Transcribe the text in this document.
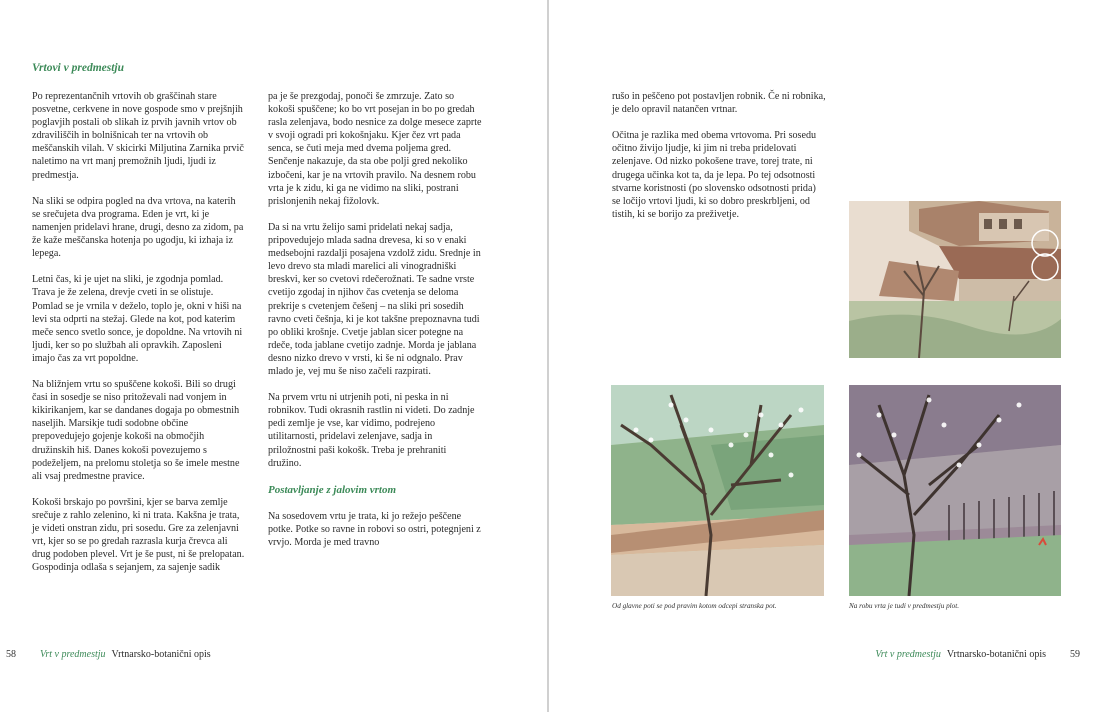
Vrtovi v predmestju

Po reprezentančnih vrtovih ob graščinah stare posvetne, cerkvene in nove gospode smo v prejšnjih poglavjih postali ob slikah iz prvih javnih vrtov ob zdraviliščih in bolnišnicah ter na vrtovih ob meščanskih vilah. V skicirki Miljutina Zarnika prvič naletimo na vrt manj premožnih ljudi, ljudi iz predmestja.

Na sliki se odpira pogled na dva vrtova, na katerih se srečujeta dva programa. Eden je vrt, ki je namenjen pridelavi hrane, drugi, desno za zidom, pa že kaže meščanska hotenja po ugodju, ki izhaja iz lepega.

Letni čas, ki je ujet na sliki, je zgodnja pomlad. Trava je že zelena, drevje cveti in se olistuje. Pomlad se je vrnila v deželo, toplo je, okni v hiši na levi sta odprti na stežaj. Glede na kot, pod katerim meče senco svetlo sonce, je dopoldne. Na vrtovih ni ljudi, ker so po službah ali opravkih. Zaposleni imajo čas za vrt popoldne.

Na bližnjem vrtu so spuščene kokoši. Bili so drugi časi in sosedje se niso pritoževali nad vonjem in kikirikanjem, kar se dandanes dogaja po obmestnih naseljih. Marsikje tudi sodobne občine prepovedujejo gojenje kokoši na območjih družinskih hiš. Danes kokoši povezujemo s podeželjem, na prelomu stoletja so še imele mestne ali vsaj predmestne pravice.

Kokoši brskajo po površini, kjer se barva zemlje srečuje z rahlo zelenino, ki ni trata. Kakšna je trata, je videti onstran zidu, pri sosedu. Gre za zelenjavni vrt, kjer so se po gredah razrasla kurja črevca ali drug podoben plevel. Vrt je še pust, ni še prelopatan. Gospodinja odlaša s sejanjem, za sajenje sadik

pa je še prezgodaj, ponoči še zmrzuje. Zato so kokoši spuščene; ko bo vrt posejan in bo po gredah rasla zelenjava, bodo nesnice za dolge mesece zaprte v svoji ogradi pri kokošnjaku. Kjer čez vrt pada senca, se čuti meja med dvema poljema gred. Senčenje nakazuje, da sta obe polji gred nekoliko izbočeni, kar je na vrtovih pravilo. Na desnem robu vrta je k zidu, ki ga ne vidimo na sliki, postrani prislonjenih nekaj fižolovk.

Da si na vrtu želijo sami pridelati nekaj sadja, pripovedujejo mlada sadna drevesa, ki so v enaki medsebojni razdalji posajena vzdolž zidu. Srednje in levo drevo sta mladi marelici ali vinogradniški breskvi, ker so cvetovi rdečerožnati. Te sadne vrste cvetijo zgodaj in njihov čas cvetenja se deloma prekrije s cvetenjem češenj – na sliki pri sosedih ravno cveti češnja, ki je kot takšne prepoznavna tudi po obliki krošnje. Cvetje jablan sicer potegne na rdeče, toda jablane cvetijo zadnje. Morda je jablana desno nizko drevo v vrsti, ki še ni odgnalo. Prav mlado je, vej mu še niso začeli razpirati.

Na prvem vrtu ni utrjenih poti, ni peska in ni robnikov. Tudi okrasnih rastlin ni videti. Do zadnje pedi zemlje je vse, kar vidimo, podrejeno utilitarnosti, pridelavi zelenjave, sadja in priložnostni paši kokošk. Treba je prehraniti družino.

Postavljanje z jalovim vrtom

Na sosedovem vrtu je trata, ki jo režejo peščene potke. Potke so ravne in robovi so ostri, potegnjeni z vrvjo. Morda je med travno

58 Vrt v predmestju Vrtnarsko-botanični opis

rušo in peščeno pot postavljen robnik. Če ni robnika, je delo opravil natančen vrtnar.

Očitna je razlika med obema vrtovoma. Pri sosedu očitno živijo ljudje, ki jim ni treba pridelovati zelenjave. Od nizko pokošene trave, torej trate, ni drugega učinka kot ta, da je lepa. Po tej odsotnosti stvarne koristnosti (po slovensko odsotnosti prida) se ločijo vrtovi ljudi, ki so dobro preskrbljeni, od tistih, ki se borijo za preživetje.

Od glavne poti se pod pravim kotom odcepi stranska pot.	Na robu vrta je tudi v predmestju plot.
Vrt v predmestju Vrtnarsko-botanični opis 59
